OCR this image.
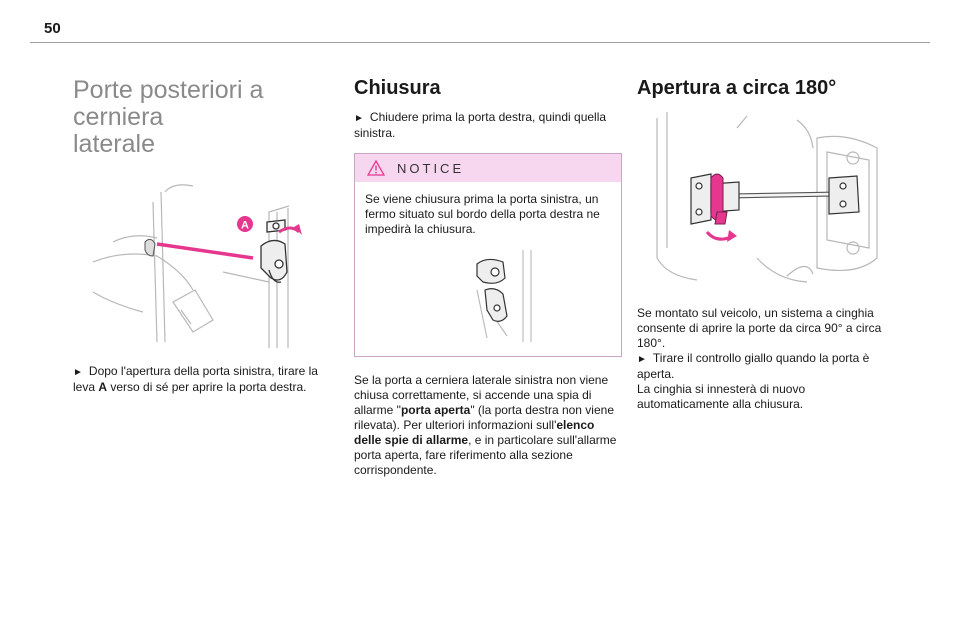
50
Porte posteriori a cerniera
laterale
A

► Dopo l'apertura della porta sinistra, tirare la leva A verso di sé per aprire la porta destra.

Chiusura

► Chiudere prima la porta destra, quindi quella sinistra.

NOTICE

Se viene chiusura prima la porta sinistra, un fermo situato sul bordo della porta destra ne impedirà la chiusura.

Se la porta a cerniera laterale sinistra non viene chiusa correttamente, si accende una spia di allarme "porta aperta" (la porta destra non viene rilevata). Per ulteriori informazioni sull'elenco delle spie di allarme, e in particolare sull'allarme porta aperta, fare riferimento alla sezione corrispondente.

Apertura a circa 180°

Se montato sul veicolo, un sistema a cinghia consente di aprire la porte da circa 90° a circa 180°.

► Tirare il controllo giallo quando la porta è aperta.

La cinghia si innesterà di nuovo automaticamente alla chiusura.
